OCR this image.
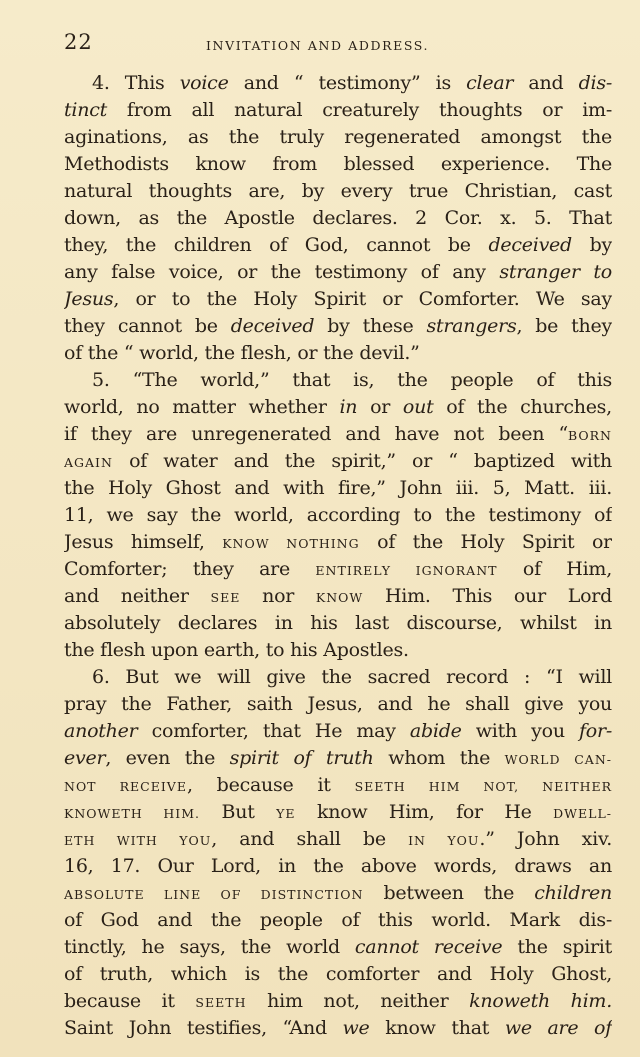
22	INVITATION AND ADDRESS.
4. This voice and “ testimony” is clear and dis-
tinct from all natural creaturely thoughts or im-
aginations, as the truly regenerated amongst the
Methodists know from blessed experience. The
natural thoughts are, by every true Christian, cast
down, as the Apostle declares. 2 Cor. x. 5. That
they, the children of God, cannot be deceived by
any false voice, or the testimony of any stranger to
Jesus, or to the Holy Spirit or Comforter. We say
they cannot be deceived by these strangers, be they
of the “ world, the flesh, or the devil.”
5. “The world,” that is, the people of this
world, no matter whether in or out of the churches,
if they are unregenerated and have not been “BORN
AGAIN of water and the spirit,” or “ baptized with
the Holy Ghost and with fire,” John iii. 5, Matt. iii.
11, we say the world, according to the testimony of
Jesus himself, KNOW NOTHING of the Holy Spirit or
Comforter; they are ENTIRELY IGNORANT of Him,
and neither SEE nor KNOW Him. This our Lord
absolutely declares in his last discourse, whilst in
the flesh upon earth, to his Apostles.
6. But we will give the sacred record : “I will
pray the Father, saith Jesus, and he shall give you
another comforter, that He may abide with you for-
ever, even the spirit of truth whom the WORLD CAN-
NOT RECEIVE, because it SEETH HIM NOT, NEITHER
KNOWETH HIM. But YE know Him, for He DWELL-
ETH WITH YOU, and shall be IN YOU.” John xiv.
16, 17. Our Lord, in the above words, draws an
ABSOLUTE LINE OF DISTINCTION between the children
of God and the people of this world. Mark dis-
tinctly, he says, the world cannot receive the spirit
of truth, which is the comforter and Holy Ghost,
because it SEETH him not, neither knoweth him.
Saint John testifies, “And we know that we are of
